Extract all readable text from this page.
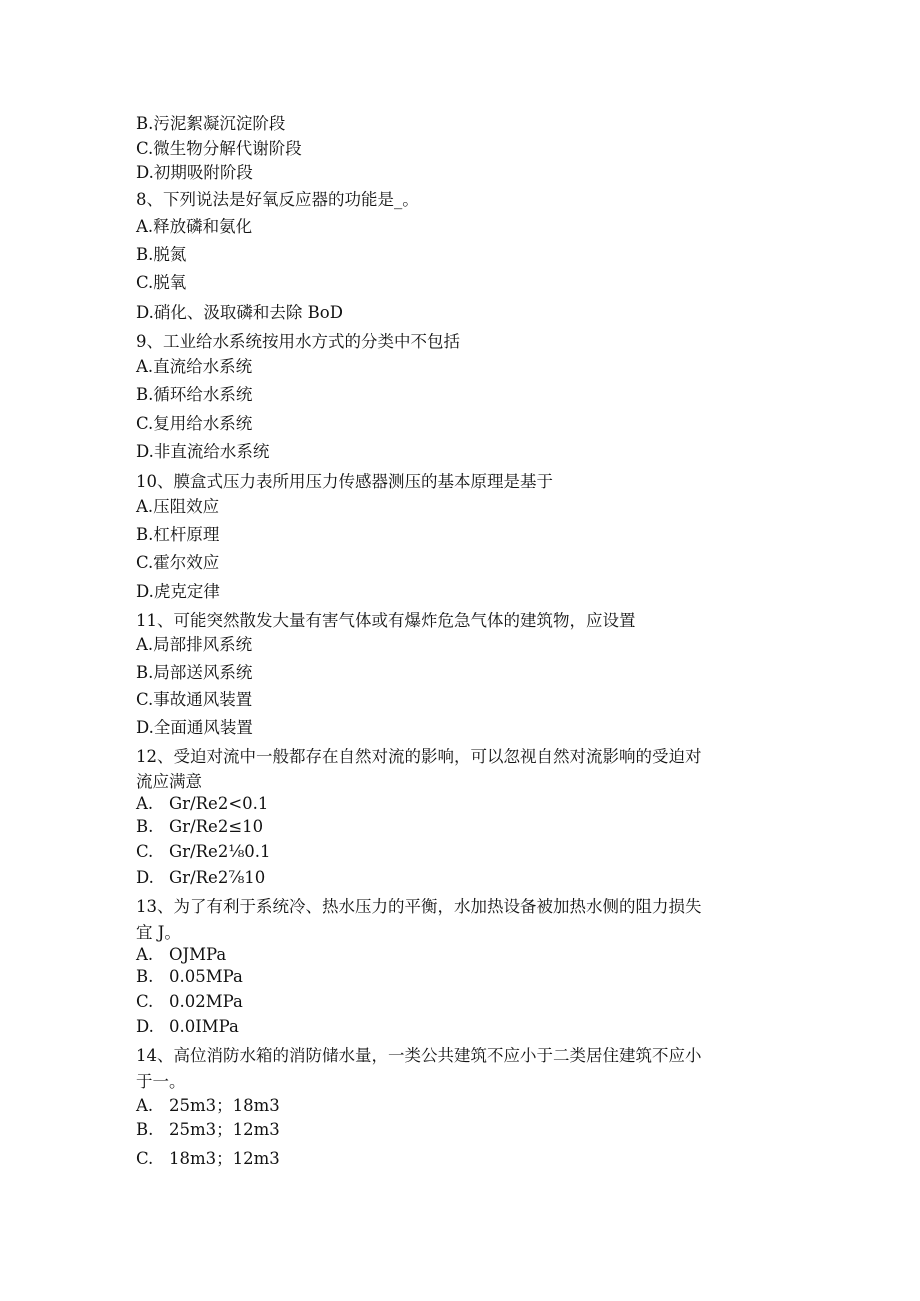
B.污泥絮凝沉淀阶段

C.微生物分解代谢阶段

D.初期吸附阶段

8、下列说法是好氧反应器的功能是_。

A.释放磷和氨化

B.脱氮

C.脱氧

D.硝化、汲取磷和去除 BoD

9、工业给水系统按用水方式的分类中不包括

A.直流给水系统

B.循环给水系统

C.复用给水系统

D.非直流给水系统

10、膜盒式压力表所用压力传感器测压的基本原理是基于

A.压阻效应

B.杠杆原理

C.霍尔效应

D.虎克定律

11、可能突然散发大量有害气体或有爆炸危急气体的建筑物，应设置

A.局部排风系统

B.局部送风系统

C.事故通风装置

D.全面通风装置

12、受迫对流中一般都存在自然对流的影响，可以忽视自然对流影响的受迫对

流应满意

A. Gr/Re2<0.1

B. Gr/Re2≤10

C. Gr/Re2⅛0.1

D. Gr/Re2⅞10

13、为了有利于系统冷、热水压力的平衡，水加热设备被加热水侧的阻力损失

宜 J。

A. OJMPa

B. 0.05MPa

C. 0.02MPa

D. 0.0IMPa

14、高位消防水箱的消防储水量，一类公共建筑不应小于二类居住建筑不应小

于一。

A. 25m3；18m3

B. 25m3；12m3

C. 18m3；12m3
